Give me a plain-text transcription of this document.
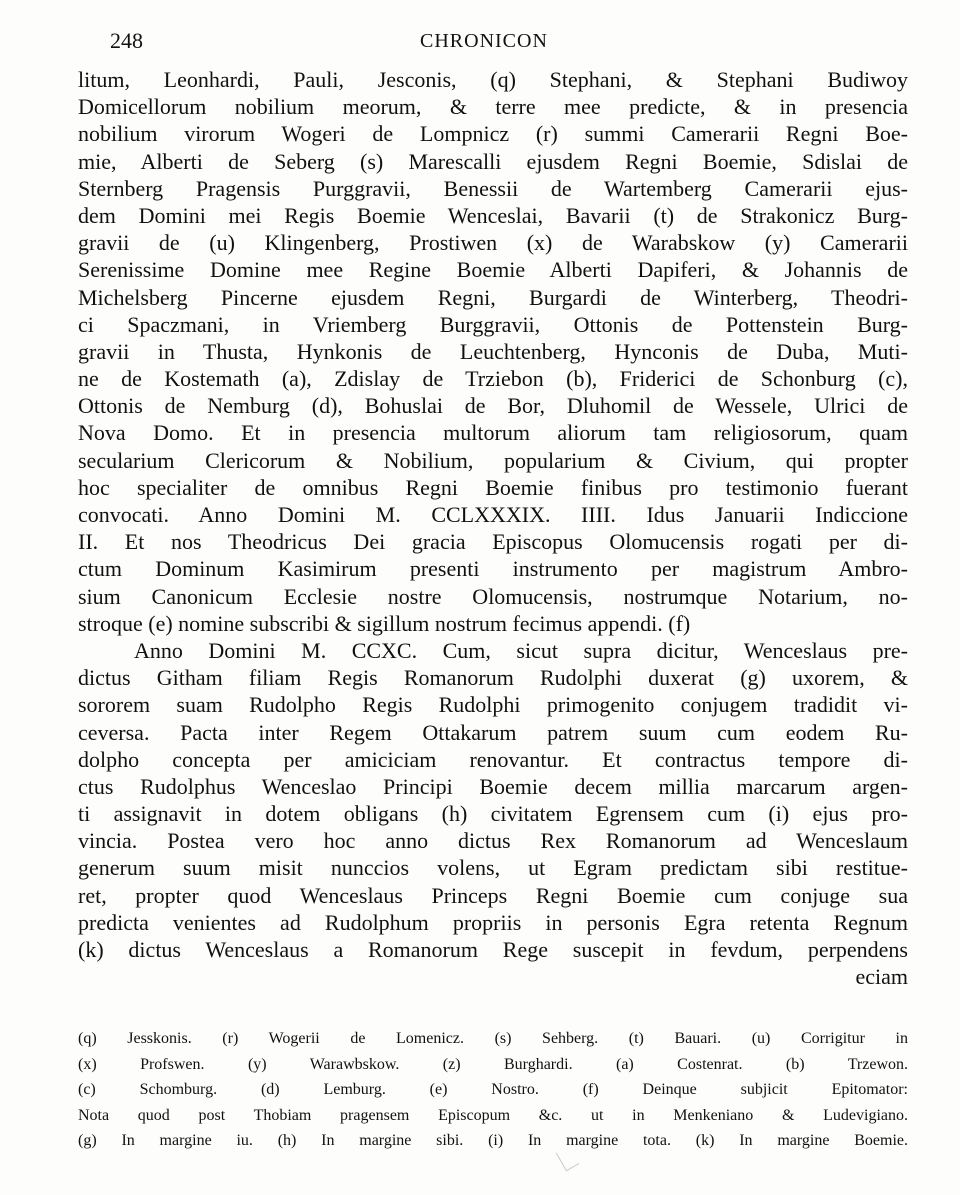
248	CHRONICON
litum, Leonhardi, Pauli, Jesconis, (q) Stephani, & Stephani Budiwoy
Domicellorum nobilium meorum, & terre mee predicte, & in presencia
nobilium virorum Wogeri de Lompnicz (r) summi Camerarii Regni Boe-
mie, Alberti de Seberg (s) Marescalli ejusdem Regni Boemie, Sdislai de
Sternberg Pragensis Purggravii, Benessii de Wartemberg Camerarii ejus-
dem Domini mei Regis Boemie Wenceslai, Bavarii (t) de Strakonicz Burg-
gravii de (u) Klingenberg, Prostiwen (x) de Warabskow (y) Camerarii
Serenissime Domine mee Regine Boemie Alberti Dapiferi, & Johannis de
Michelsberg Pincerne ejusdem Regni, Burgardi de Winterberg, Theodri-
ci Spaczmani, in Vriemberg Burggravii, Ottonis de Pottenstein Burg-
gravii in Thusta, Hynkonis de Leuchtenberg, Hynconis de Duba, Muti-
ne de Kostemath (a), Zdislay de Trziebon (b), Friderici de Schonburg (c),
Ottonis de Nemburg (d), Bohuslai de Bor, Dluhomil de Wessele, Ulrici de
Nova Domo. Et in presencia multorum aliorum tam religiosorum, quam
secularium Clericorum & Nobilium, popularium & Civium, qui propter
hoc specialiter de omnibus Regni Boemie finibus pro testimonio fuerant
convocati. Anno Domini M. CCLXXXIX. IIII. Idus Januarii Indiccione
II. Et nos Theodricus Dei gracia Episcopus Olomucensis rogati per di-
ctum Dominum Kasimirum presenti instrumento per magistrum Ambro-
sium Canonicum Ecclesie nostre Olomucensis, nostrumque Notarium, no-
stroque (e) nomine subscribi & sigillum nostrum fecimus appendi. (f)
Anno Domini M. CCXC. Cum, sicut supra dicitur, Wenceslaus pre-
dictus Githam filiam Regis Romanorum Rudolphi duxerat (g) uxorem, &
sororem suam Rudolpho Regis Rudolphi primogenito conjugem tradidit vi-
ceversa. Pacta inter Regem Ottakarum patrem suum cum eodem Ru-
dolpho concepta per amiciciam renovantur. Et contractus tempore di-
ctus Rudolphus Wenceslao Principi Boemie decem millia marcarum argen-
ti assignavit in dotem obligans (h) civitatem Egrensem cum (i) ejus pro-
vincia. Postea vero hoc anno dictus Rex Romanorum ad Wenceslaum
generum suum misit nunccios volens, ut Egram predictam sibi restitue-
ret, propter quod Wenceslaus Princeps Regni Boemie cum conjuge sua
predicta venientes ad Rudolphum propriis in personis Egra retenta Regnum
(k) dictus Wenceslaus a Romanorum Rege suscepit in fevdum, perpendens
eciam
(q) Jesskonis. (r) Wogerii de Lomenicz. (s) Sehberg. (t) Bauari. (u) Corrigitur in
(x) Profswen. (y) Warawbskow. (z) Burghardi. (a) Costenrat. (b) Trzewon.
(c) Schomburg. (d) Lemburg. (e) Nostro. (f) Deinque subjicit Epitomator:
Nota quod post Thobiam pragensem Episcopum &c. ut in Menkeniano & Ludevigiano.
(g) In margine iu. (h) In margine sibi. (i) In margine tota. (k) In margine Boemie.
